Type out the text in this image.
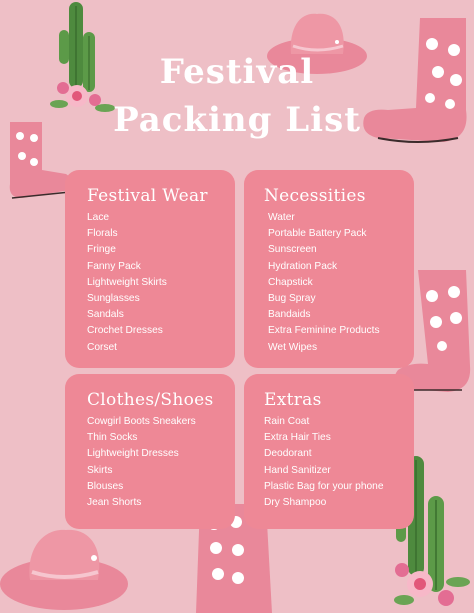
Festival
Packing List
Festival Wear
Lace
Florals
Fringe
Fanny Pack
Lightweight Skirts
Sunglasses
Sandals
Crochet Dresses
Corset
Necessities
Water
Portable Battery Pack
Sunscreen
Hydration Pack
Chapstick
Bug Spray
Bandaids
Extra Feminine Products
Wet Wipes
Clothes/Shoes
Cowgirl Boots Sneakers
Thin Socks
Lightweight Dresses
Skirts
Blouses
Jean Shorts
Extras
Rain Coat
Extra Hair Ties
Deodorant
Hand Sanitizer
Plastic Bag for your phone
Dry Shampoo
